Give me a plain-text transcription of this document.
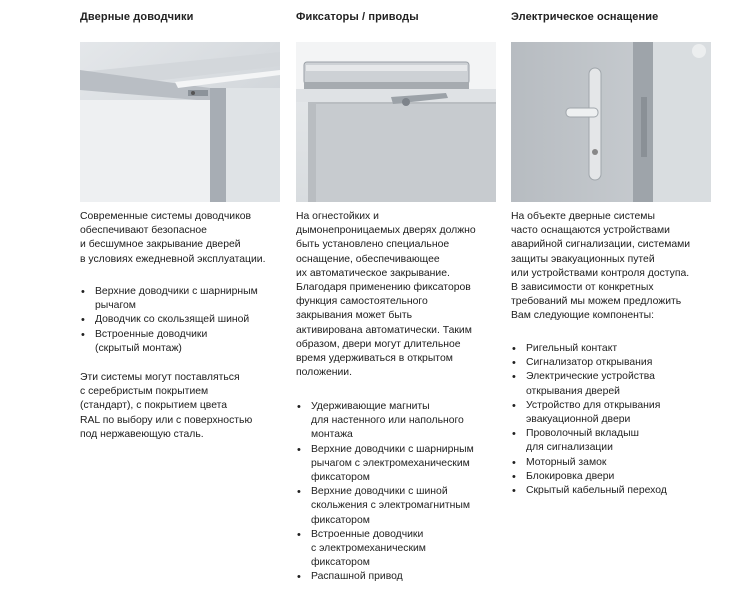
Дверные доводчики

Современные системы доводчиков

обеспечивают безопасное

и бесшумное закрывание дверей

в условиях ежедневной эксплуатации.

• Верхние доводчики с шарнирным
рычагом
• Доводчик со скользящей шиной
• Встроенные доводчики
(скрытый монтаж)

Эти системы могут поставляться

с серебристым покрытием

(стандарт), с покрытием цвета

RAL по выбору или с поверхностью

под нержавеющую сталь.

Фиксаторы / приводы

На огнестойких и

дымонепроницаемых дверях должно

быть установлено специальное

оснащение, обеспечивающее

их автоматическое закрывание.

Благодаря применению фиксаторов

функция самостоятельного

закрывания может быть

активирована автоматически. Таким

образом, двери могут длительное

время удерживаться в открытом

положении.

• Удерживающие магниты
для настенного или напольного
монтажа
• Верхние доводчики с шарнирным
рычагом с электромеханическим
фиксатором
• Верхние доводчики с шиной
скольжения с электромагнитным
фиксатором
• Встроенные доводчики
с электромеханическим
фиксатором
• Распашной привод
Электрическое оснащение

На объекте дверные системы

часто оснащаются устройствами

аварийной сигнализации, системами

защиты эвакуационных путей

или устройствами контроля доступа.

В зависимости от конкретных

требований мы можем предложить

Вам следующие компоненты:

• Ригельный контакт
• Сигнализатор открывания
• Электрические устройства
открывания дверей
• Устройство для открывания
эвакуационной двери
• Проволочный вкладыш
для сигнализации
• Моторный замок
• Блокировка двери
• Скрытый кабельный переход
